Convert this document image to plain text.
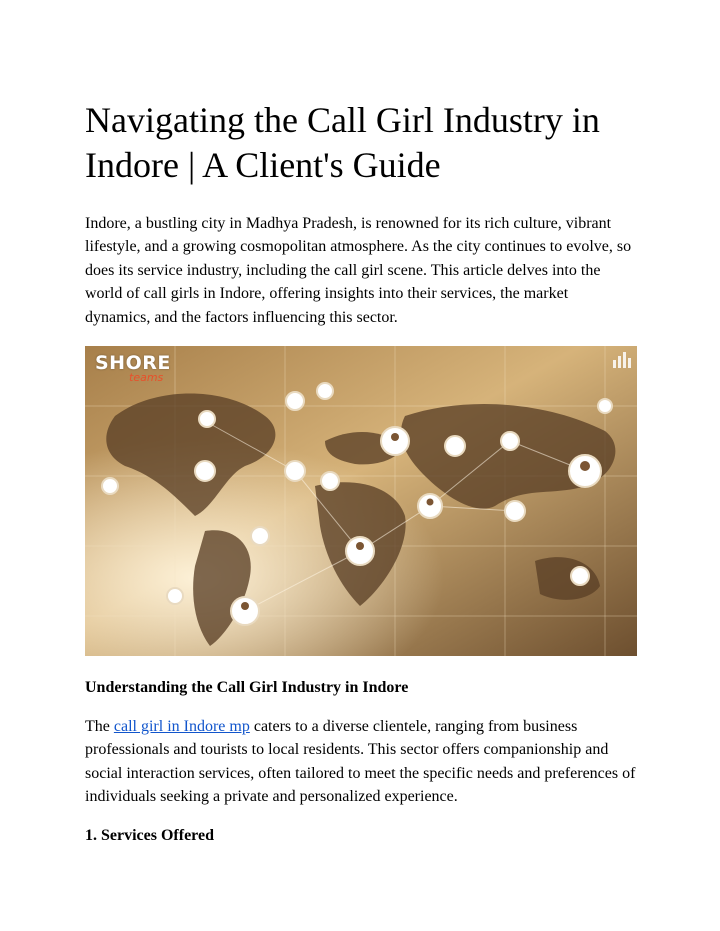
Navigating the Call Girl Industry in
Indore | A Client's Guide

Indore, a bustling city in Madhya Pradesh, is renowned for its rich culture, vibrant lifestyle, and a growing cosmopolitan atmosphere. As the city continues to evolve, so does its service industry, including the call girl scene. This article delves into the world of call girls in Indore, offering insights into their services, the market dynamics, and the factors influencing this sector.

SHORE
teams
Understanding the Call Girl Industry in Indore

The call girl in Indore mp caters to a diverse clientele, ranging from business professionals and tourists to local residents. This sector offers companionship and social interaction services, often tailored to meet the specific needs and preferences of individuals seeking a private and personalized experience.

1. Services Offered
